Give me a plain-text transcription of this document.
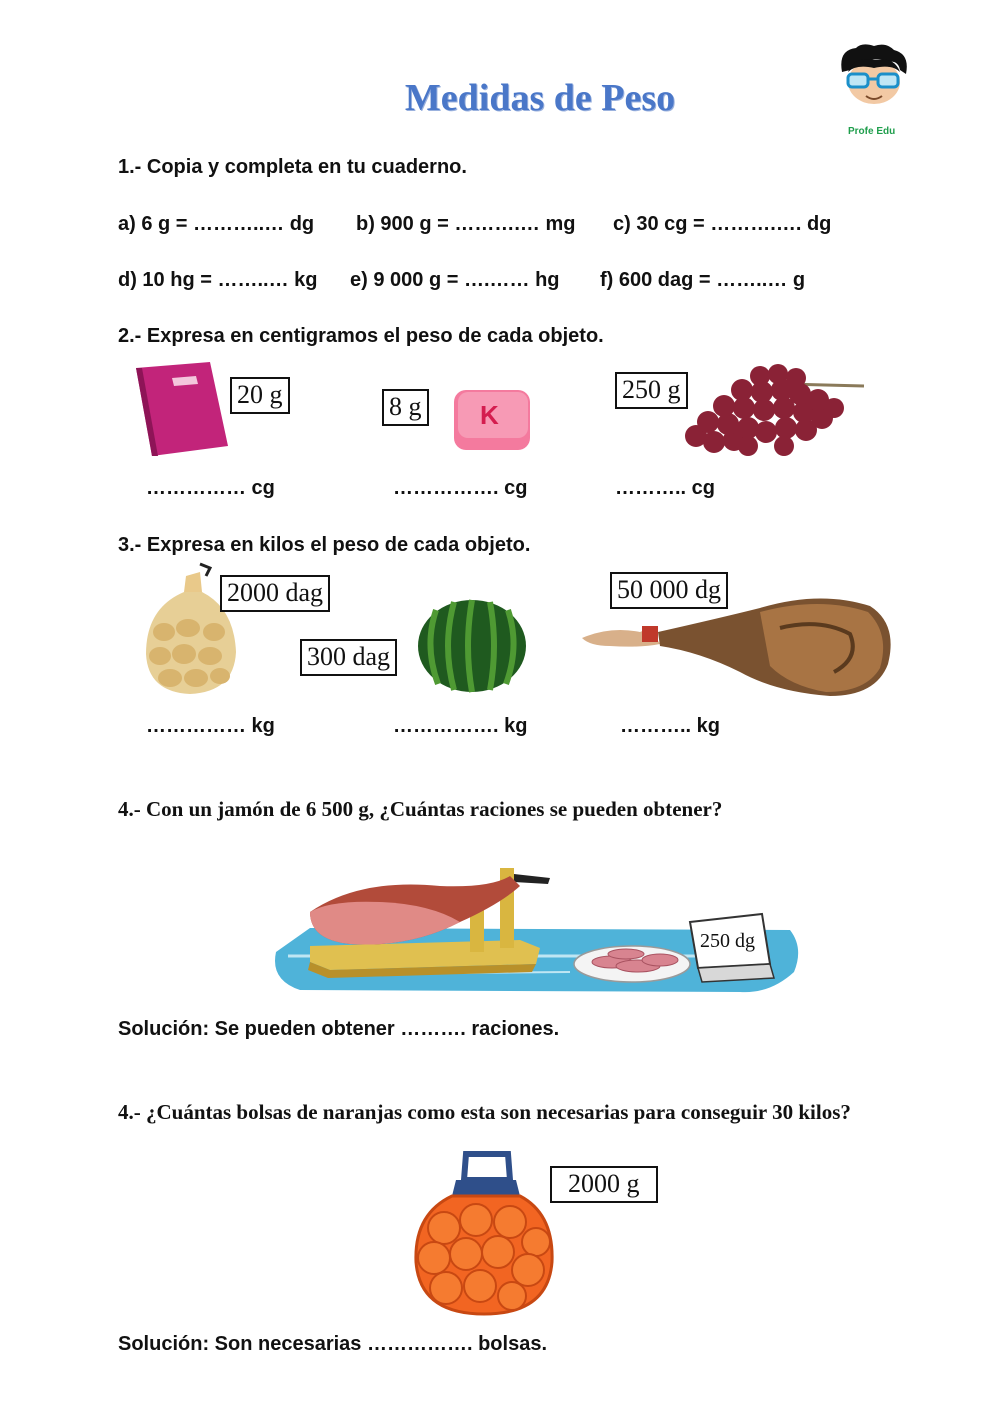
Medidas de Peso
Profe Edu
1.- Copia y completa en tu cuaderno.
a) 6 g = ………..… dg b) 900 g = ……….… mg c) 30 cg = ……….…. dg
d) 10 hg = ……..… kg e) 9 000 g = ….…… hg f) 600 dag = ……..… g
2.- Expresa en centigramos el peso de cada objeto.
20 g	8 g K
250 g
…………… cg	……………. cg	……….. cg
3.- Expresa en kilos el peso de cada objeto.
2000 dag
300 dag
50 000 dg
…………… kg	……………. kg	……….. kg
4.- Con un jamón de 6 500 g, ¿Cuántas raciones se pueden obtener?
250 dg
Solución: Se pueden obtener ………. raciones.
4.- ¿Cuántas bolsas de naranjas como esta son necesarias para conseguir 30 kilos?
2000 g
Solución: Son necesarias ……………. bolsas.
